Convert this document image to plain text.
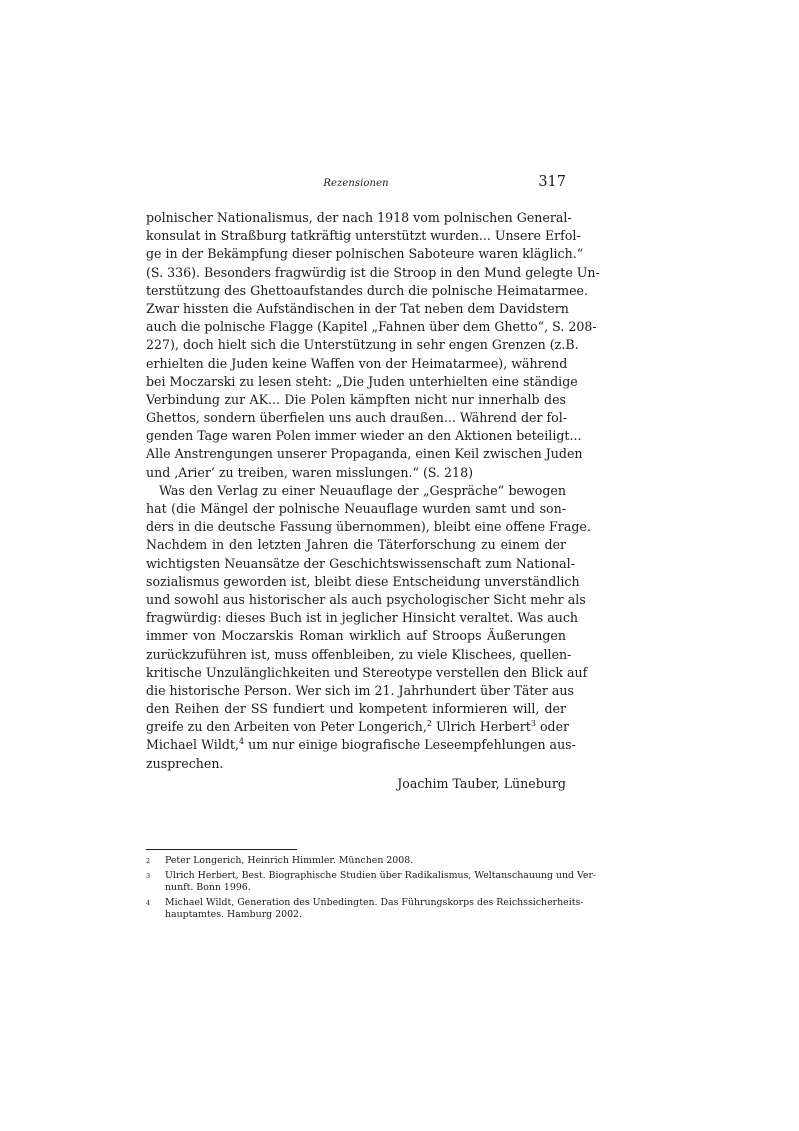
Rezensionen	317
polnischer Nationalismus, der nach 1918 vom polnischen General-
konsulat in Straßburg tatkräftig unterstützt wurden... Unsere Erfol-
ge in der Bekämpfung dieser polnischen Saboteure waren kläglich.“
(S. 336). Besonders fragwürdig ist die Stroop in den Mund gelegte Un-
terstützung des Ghettoaufstandes durch die polnische Heimatarmee.
Zwar hissten die Aufständischen in der Tat neben dem Davidstern
auch die polnische Flagge (Kapitel „Fahnen über dem Ghetto“, S. 208-
227), doch hielt sich die Unterstützung in sehr engen Grenzen (z.B.
erhielten die Juden keine Waffen von der Heimatarmee), während
bei Moczarski zu lesen steht: „Die Juden unterhielten eine ständige
Verbindung zur AK... Die Polen kämpften nicht nur innerhalb des
Ghettos, sondern überfielen uns auch draußen... Während der fol-
genden Tage waren Polen immer wieder an den Aktionen beteiligt...
Alle Anstrengungen unserer Propaganda, einen Keil zwischen Juden
und ‚Arier‘ zu treiben, waren misslungen.“ (S. 218)
Was den Verlag zu einer Neuauflage der „Gespräche“ bewogen
hat (die Mängel der polnische Neuauflage wurden samt und son-
ders in die deutsche Fassung übernommen), bleibt eine offene Frage.
Nachdem in den letzten Jahren die Täterforschung zu einem der
wichtigsten Neuansätze der Geschichtswissenschaft zum National-
sozialismus geworden ist, bleibt diese Entscheidung unverständlich
und sowohl aus historischer als auch psychologischer Sicht mehr als
fragwürdig: dieses Buch ist in jeglicher Hinsicht veraltet. Was auch
immer von Moczarskis Roman wirklich auf Stroops Äußerungen
zurückzuführen ist, muss offenbleiben, zu viele Klischees, quellen-
kritische Unzulänglichkeiten und Stereotype verstellen den Blick auf
die historische Person. Wer sich im 21. Jahrhundert über Täter aus
den Reihen der SS fundiert und kompetent informieren will, der
greife zu den Arbeiten von Peter Longerich,$^2$ Ulrich Herbert$^3$ oder
Michael Wildt,$^4$ um nur einige biografische Leseempfehlungen aus-
zusprechen.
Joachim Tauber, Lüneburg
2 Peter Longerich, Heinrich Himmler. München 2008.
3 Ulrich Herbert, Best. Biographische Studien über Radikalismus, Weltanschauung und Ver-
nunft. Bonn 1996.
4 Michael Wildt, Generation des Unbedingten. Das Führungskorps des Reichssicherheits-
hauptamtes. Hamburg 2002.
